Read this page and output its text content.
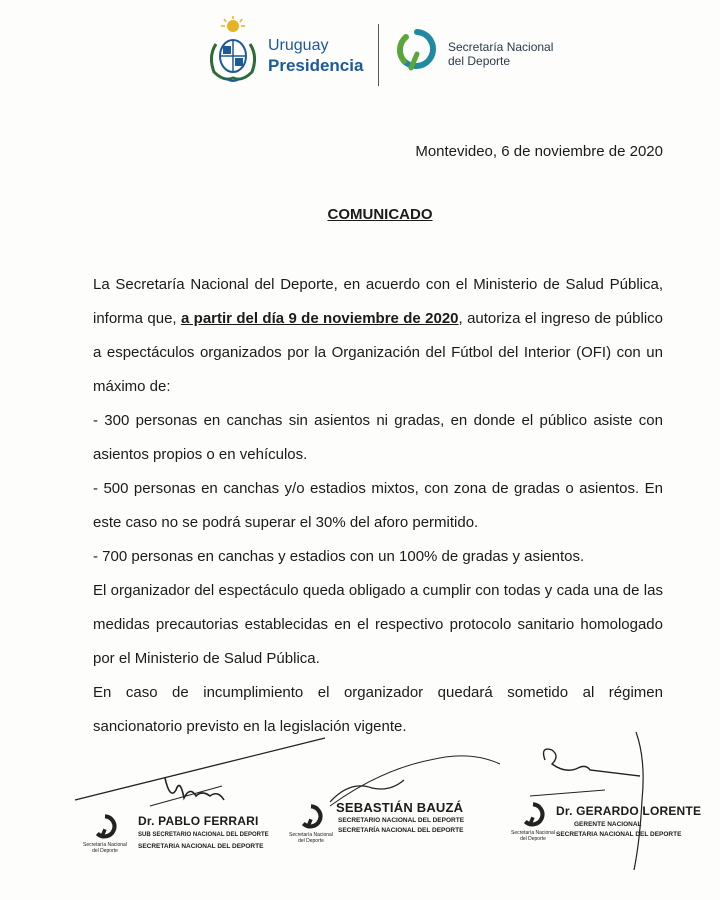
Uruguay
Presidencia
Secretaría Nacional
del Deporte
Montevideo, 6 de noviembre de 2020
COMUNICADO

La Secretaría Nacional del Deporte, en acuerdo con el Ministerio de Salud Pública, informa que, a partir del día 9 de noviembre de 2020, autoriza el ingreso de público a espectáculos organizados por la Organización del Fútbol del Interior (OFI) con un máximo de:

- 300 personas en canchas sin asientos ni gradas, en donde el público asiste con asientos propios o en vehículos.

- 500 personas en canchas y/o estadios mixtos, con zona de gradas o asientos. En este caso no se podrá superar el 30% del aforo permitido.

- 700 personas en canchas y estadios con un 100% de gradas y asientos.

El organizador del espectáculo queda obligado a cumplir con todas y cada una de las medidas precautorias establecidas en el respectivo protocolo sanitario homologado por el Ministerio de Salud Pública.

En caso de incumplimiento el organizador quedará sometido al régimen sancionatorio previsto en la legislación vigente.

Secretaría Nacional del Deporte
Dr. PABLO FERRARI
SUB SECRETARIO NACIONAL DEL DEPORTE
SECRETARIA NACIONAL DEL DEPORTE
Secretaría Nacional del Deporte
SEBASTIÁN BAUZÁ
SECRETARIO NACIONAL DEL DEPORTE
SECRETARÍA NACIONAL DEL DEPORTE	Secretaría Nacional del Deporte
Dr. GERARDO LORENTE
GERENTE NACIONAL
SECRETARIA NACIONAL DEL DEPORTE
